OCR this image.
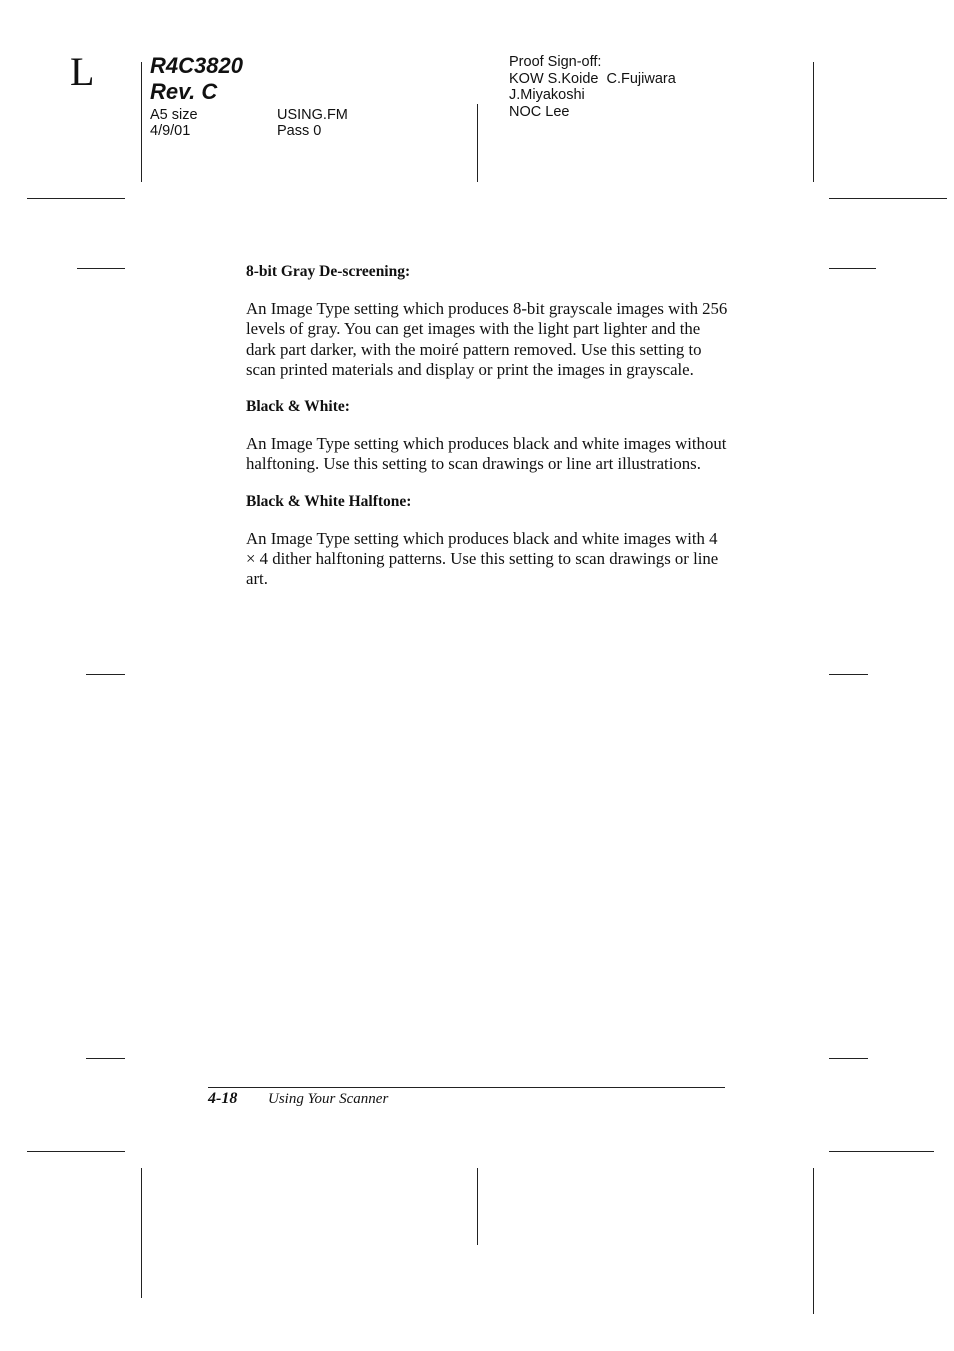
L	R4C3820
Rev. C
A5 size	USING.FM
4/9/01	Pass 0
Proof Sign-off:
KOW S.Koide  C.Fujiwara
J.Miyakoshi
NOC Lee

8-bit Gray De-screening:

An Image Type setting which produces 8-bit grayscale images with 256 levels of gray. You can get images with the light part lighter and the dark part darker, with the moiré pattern removed. Use this setting to scan printed materials and display or print the images in grayscale.

Black & White:

An Image Type setting which produces black and white images without halftoning. Use this setting to scan drawings or line art illustrations.

Black & White Halftone:

An Image Type setting which produces black and white images with 4 × 4 dither halftoning patterns. Use this setting to scan drawings or line art.

4-18 Using Your Scanner
